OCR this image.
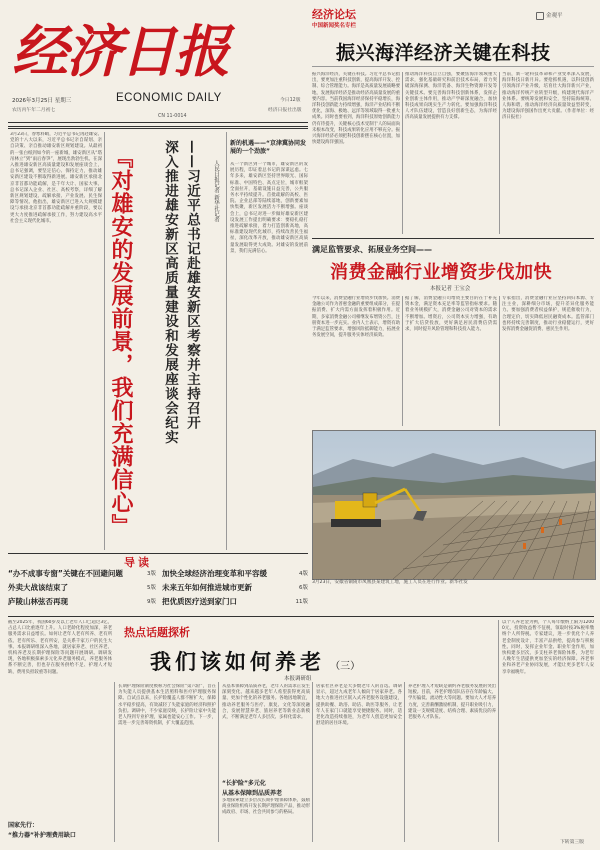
经济日报
ECONOMIC DAILY
2026年3月25日 星期三
农历丙午年二月初七
今日12版
经济日报社出版
CN 11-0014
经济论坛
中国新闻奖名专栏
金观平
振兴海洋经济关键在科技
振兴海洋经济，关键在科技。习近平总书记指出，要更加注重科技创新，提高海洋开发、控制、综合管理能力。海洋是高质量发展战略要地，发展海洋经济是推动经济高质量发展的重要内容。当前我国海洋经济保持平稳增长，海洋科技创新能力持续增强，海洋产业结构不断优化，深海、极地、远洋等领域取得一批重大成果。同时也要看到，海洋科技原始创新能力仍有待提升，关键核心技术受制于人的局面尚未根本改变，科技成果转化应用不够充分。振兴海洋经济必须把科技创新摆在核心位置，加快建设海洋强国。
推动海洋科技自立自强，要聚焦海洋领域重大需求，强化基础研究和前沿技术布局，着力突破深海探测、海洋装备、海洋生物资源开发等关键技术。要完善海洋科技创新体系，发挥企业创新主体作用，推动产学研深度融合，加快科技成果向现实生产力转化。要加强海洋科技人才队伍建设，营造良好创新生态，为海洋经济高质量发展提供有力支撑。
当前，新一轮科技革命和产业变革深入发展，海洋科技日新月异。要抢抓机遇，以科技创新引领海洋产业升级，培育壮大海洋新兴产业，推动海洋传统产业转型升级，构建现代海洋产业体系。要统筹发展和安全，坚持陆海统筹、人海和谐，推动海洋经济向质量效益型转变，为建设海洋强国作出更大贡献。（作者单位：经济日报社）
3月23日，春寒料峭，习近平总书记再赴雄安。党的十八大以来，习近平总书记亲自谋划、亲自决策、亲自推动雄安新区规划建设。从最初的一张白纸到如今的一座新城，雄安新区从“塔吊林立”到“雨后春笋”，展现出勃勃生机。在深入推进雄安新区高质量建设和发展座谈会上，总书记强调，要坚定信心、保持定力，推动雄安新区建设不断取得新进展。雄安新区承接北京非首都功能疏解，是千年大计、国家大事。总书记深入企业、社区、高校考察，详细了解新区规划建设、疏解承接、产业发展、民生保障等情况。他指出，雄安新区已进入大规模建设与承接北京非首都功能疏解并重阶段，要以更大力度推进疏解承接工作，努力建设高水平社会主义现代化城市。	『对雄安的发展前景，我们充满信心』 深入推进雄安新区高质量建设和发展座谈会纪实 ——习近平总书记赴雄安新区考察并主持召开 人民日报记者 新华社记者
新的机遇——“京津冀协同发展的一个劲旅”
从一个新区到一个城市，雄安新区的发展历程，印证着总书记的深谋远虑。七年多来，雄安新区坚持世界眼光、国际标准、中国特色、高点定位，城市框架全面拉开，基础设施日益完善，公共服务水平持续提升。首批疏解的高校、医院、企业总部等陆续落地，创新要素加快集聚，新区发展活力不断增强。座谈会上，总书记对进一步做好雄安新区建设发展工作提出明确要求：要稳扎稳打推进疏解承接，着力打造创新高地，高标准建设现代化城市，持续改善民生福祉，深化改革开放，推动雄安新区高质量发展取得更大成效。对雄安的发展前景，我们充满信心。	满足监管要求、拓展业务空间——
消费金融行业增资步伐加快
本报记者 王宝会
今年以来，消费金融行业增资步伐加快。消费金融公司作为普惠金融的重要组成部分，在提振消费、扩大内需方面发挥着积极作用。近期，多家消费金融公司相继发布增资公告，注册资本进一步充实。业内人士表示，增资有助于满足监管要求，增强风险抵御能力，拓展业务发展空间，提升服务实体经济质效。
据了解，消费金融公司增资主要目的在于补充资本金，满足资本充足率等监管指标要求。随着业务规模扩大，消费金融公司对资本的需求不断增加。增资后，公司资本实力增强，有助于扩大信贷投放，更好满足居民消费信贷需求，同时提升风险管理和科技投入能力。
专家指出，消费金融行业应坚持回归本源、专注主业，深耕细分市场，提升差异化服务能力。要加强消费者权益保护，规范催收行为，合理定价，切实降低居民融资成本。监管部门也将持续完善制度，推动行业稳健运行，更好发挥消费金融促消费、惠民生作用。
3月23日，安徽省铜陵市凤凰县某建筑工地，施工人员在进行作业。新华社发
导读
“办不成事专窗”关键在不回避问题	3版 加快全球经济治理变革和平容缓	4版
外卖大战该结束了	5版 未来五年如何推进城市更新	6版
庐陵山林弦否再现	9版 把优质医疗送到家门口	11版
热点话题探析
我们该如何养老 （三）
本报调研组
截至2025年，我国60岁及以上老年人口已超过3亿，占总人口比重逐年上升。人口老龄化程度加深，养老服务需求日益增长。如何让老年人老有所养、老有所依、老有所乐、老有所安，是关系千家万户的民生大事。本报调研组深入各地，就居家养老、社区养老、机构养老及长期护理保险等问题开展调研。调研发现，各地积极探索多元化养老服务模式，养老服务体系不断完善，但也存在服务供给不足、护理人才短缺、费用负担较重等问题。
国家先行：
“推力器”补护理费用缺口
长期护理保险制度被称为社会保险“第六险”，旨在为失能人员提供基本生活照料和医疗护理服务保障。自试点以来，长护险覆盖人群不断扩大，保障水平稳步提高，有效减轻了失能家庭的经济和照护负担。调研中，不少家庭反映，长护险让家中失能老人得到专业护理，家属也能安心工作。下一步，需进一步完善筹资机制，扩大覆盖范围。
从基本保障到品质养老，老年人的需求正发生深刻变化。越来越多老年人希望获得更高质量、更加个性化的养老服务。各地因地制宜，推动养老服务与医疗、康复、文化等深度融合，发展智慧养老、旅居养老等新业态新模式，不断满足老年人多层次、多样化需求。
“长护险”多元化
从基本保障到品质养老
多地探索建立多层次长期护理保障体系，鼓励商业保险机构开发长期护理保险产品，推动形成政府、市场、社会共同参与的格局。
居家社区养老是大多数老年人的首选。调研显示，超过九成老年人倾向于居家养老。各地大力推进社区嵌入式养老服务设施建设，提供助餐、助浴、助洁、助医等服务，让老年人在家门口就能享受便捷服务。同时，适老化改造持续推进，为老年人创造更加安全舒适的居住环境。
养老护理人才短缺是制约养老服务发展的突出短板。目前，养老护理员队伍存在年龄偏大、学历偏低、流动性大等问题。要加大人才培养力度，完善薪酬激励机制，提升职业吸引力，建设一支规模适度、结构合理、素质优良的养老服务人才队伍。
以个人养老金为例，个人每年缴纳上限为12000元，投资收益暂不征税，领取时按3%税率缴纳个人所得税。专家建议，进一步优化个人养老金制度设计，丰富产品供给，提高参与积极性。同时，发挥企业年金、职业年金作用，加快构建多层次、多支柱养老保险体系，为老年人晚年生活提供更加坚实的经济保障。养老事业和养老产业协同发展，才能让更多老年人安享幸福晚年。
下转第三版
